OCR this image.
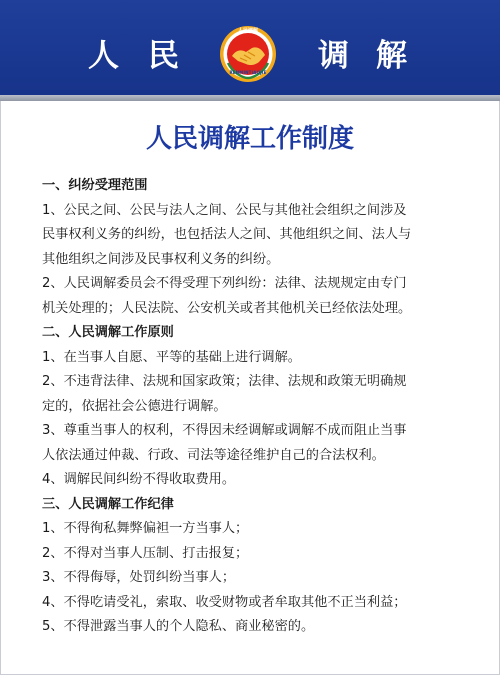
人 民
人民调解
RENMINTIAOJIE 调 解
人民调解工作制度

一、纠纷受理范围

1、公民之间、公民与法人之间、公民与其他社会组织之间涉及

民事权利义务的纠纷，也包括法人之间、其他组织之间、法人与

其他组织之间涉及民事权利义务的纠纷。

2、人民调解委员会不得受理下列纠纷：法律、法规规定由专门

机关处理的；人民法院、公安机关或者其他机关已经依法处理。

二、人民调解工作原则

1、在当事人自愿、平等的基础上进行调解。

2、不违背法律、法规和国家政策；法律、法规和政策无明确规

定的，依据社会公德进行调解。

3、尊重当事人的权利，不得因未经调解或调解不成而阻止当事

人依法通过仲裁、行政、司法等途径维护自己的合法权利。

4、调解民间纠纷不得收取费用。

三、人民调解工作纪律

1、不得徇私舞弊偏袒一方当事人；

2、不得对当事人压制、打击报复；

3、不得侮辱，处罚纠纷当事人；

4、不得吃请受礼，索取、收受财物或者牟取其他不正当利益；

5、不得泄露当事人的个人隐私、商业秘密的。
